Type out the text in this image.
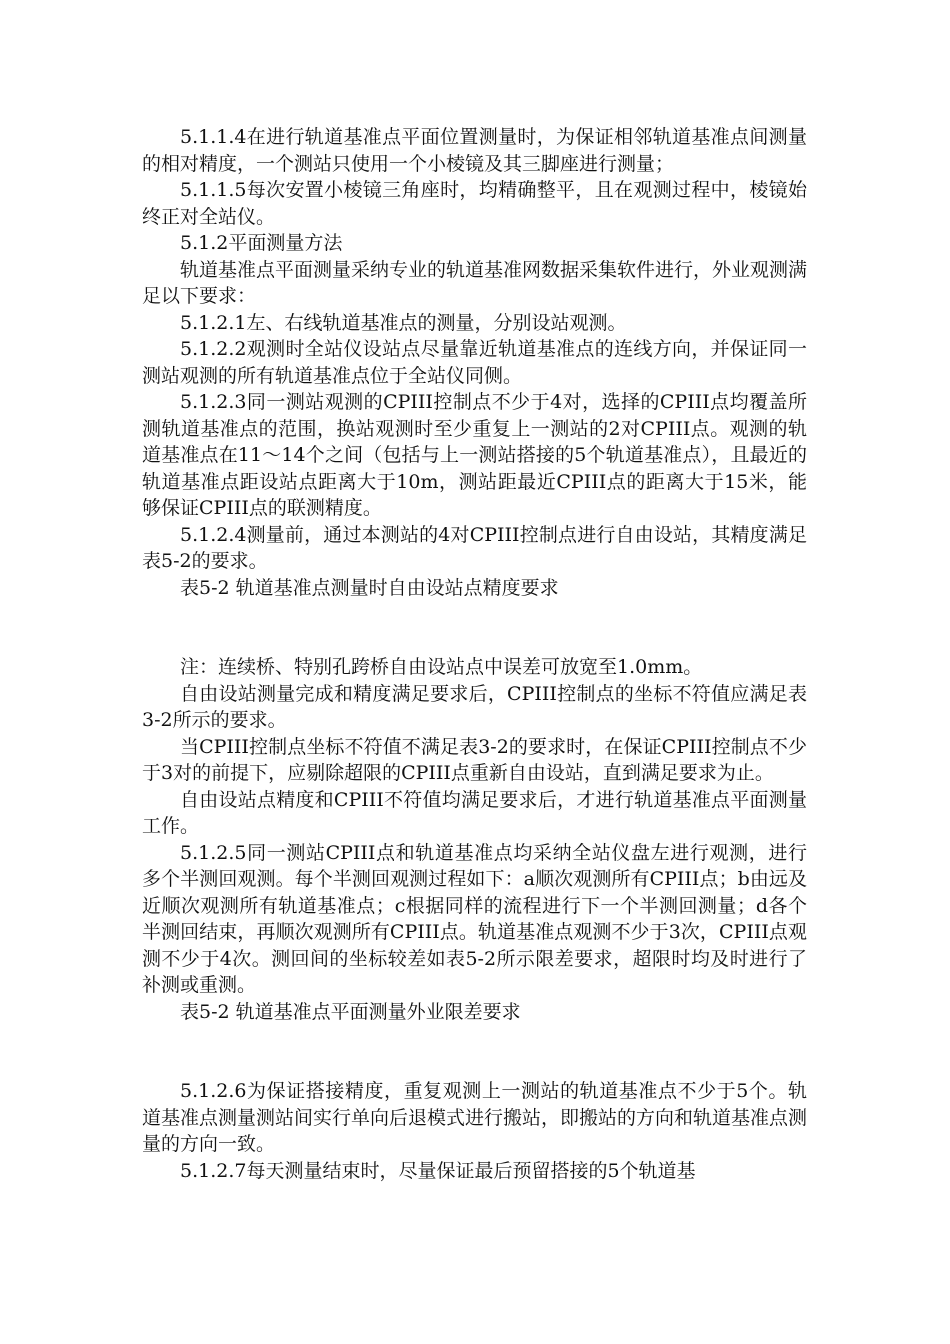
5.1.1.4在进行轨道基准点平面位置测量时，为保证相邻轨道基准点间测量的相对精度，一个测站只使用一个小棱镜及其三脚座进行测量；

5.1.1.5每次安置小棱镜三角座时，均精确整平，且在观测过程中，棱镜始终正对全站仪。

5.1.2平面测量方法

轨道基准点平面测量采纳专业的轨道基准网数据采集软件进行，外业观测满足以下要求：

5.1.2.1左、右线轨道基准点的测量，分别设站观测。

5.1.2.2观测时全站仪设站点尽量靠近轨道基准点的连线方向，并保证同一测站观测的所有轨道基准点位于全站仪同侧。

5.1.2.3同一测站观测的CPIII控制点不少于4对，选择的CPIII点均覆盖所测轨道基准点的范围，换站观测时至少重复上一测站的2对CPIII点。观测的轨道基准点在11～14个之间（包括与上一测站搭接的5个轨道基准点），且最近的轨道基准点距设站点距离大于10m，测站距最近CPIII点的距离大于15米，能够保证CPIII点的联测精度。

5.1.2.4测量前，通过本测站的4对CPIII控制点进行自由设站，其精度满足表5-2的要求。

表5-2 轨道基准点测量时自由设站点精度要求

注：连续桥、特别孔跨桥自由设站点中误差可放宽至1.0mm。

自由设站测量完成和精度满足要求后，CPIII控制点的坐标不符值应满足表3-2所示的要求。

当CPIII控制点坐标不符值不满足表3-2的要求时，在保证CPIII控制点不少于3对的前提下，应剔除超限的CPIII点重新自由设站，直到满足要求为止。

自由设站点精度和CPIII不符值均满足要求后，才进行轨道基准点平面测量工作。

5.1.2.5同一测站CPIII点和轨道基准点均采纳全站仪盘左进行观测，进行多个半测回观测。每个半测回观测过程如下：a顺次观测所有CPIII点；b由远及近顺次观测所有轨道基准点；c根据同样的流程进行下一个半测回测量；d各个半测回结束，再顺次观测所有CPIII点。轨道基准点观测不少于3次，CPIII点观测不少于4次。测回间的坐标较差如表5-2所示限差要求，超限时均及时进行了补测或重测。

表5-2 轨道基准点平面测量外业限差要求

5.1.2.6为保证搭接精度，重复观测上一测站的轨道基准点不少于5个。轨道基准点测量测站间实行单向后退模式进行搬站，即搬站的方向和轨道基准点测量的方向一致。

5.1.2.7每天测量结束时，尽量保证最后预留搭接的5个轨道基
